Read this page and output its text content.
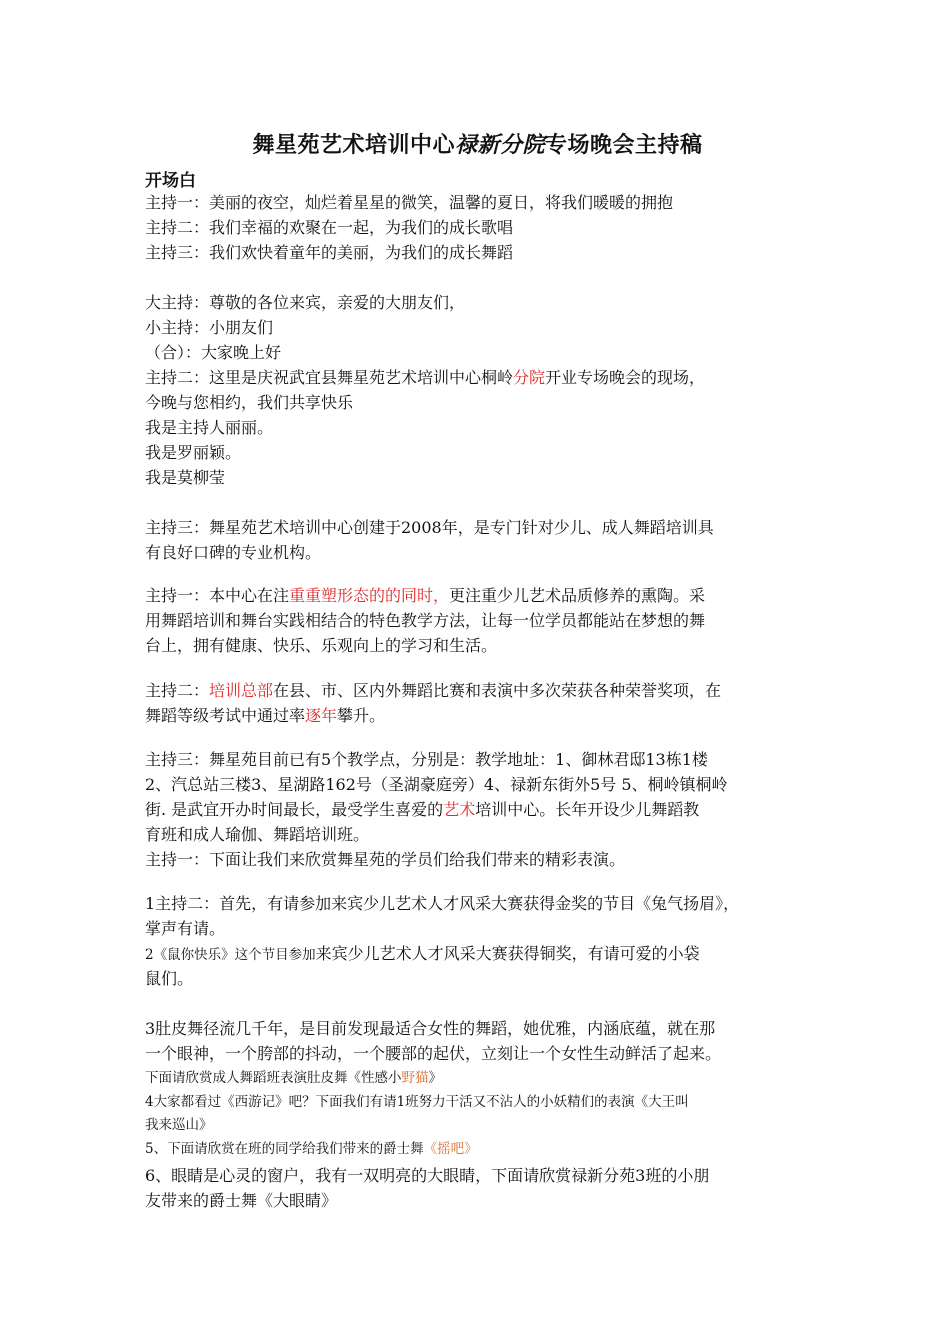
舞星苑艺术培训中心禄新分院专场晚会主持稿
开场白
主持一：美丽的夜空，灿烂着星星的微笑，温馨的夏日，将我们暖暖的拥抱
主持二：我们幸福的欢聚在一起，为我们的成长歌唱
主持三：我们欢快着童年的美丽，为我们的成长舞蹈
大主持：尊敬的各位来宾，亲爱的大朋友们，
小主持：小朋友们
（合）：大家晚上好
主持二：这里是庆祝武宜县舞星苑艺术培训中心桐岭分院开业专场晚会的现场，
今晚与您相约，我们共享快乐
我是主持人丽丽。
我是罗丽颖。
我是莫柳莹
主持三：舞星苑艺术培训中心创建于2008年，是专门针对少儿、成人舞蹈培训具
有良好口碑的专业机构。
主持一：本中心在注重重塑形态的的同时，更注重少儿艺术品质修养的熏陶。采
用舞蹈培训和舞台实践相结合的特色教学方法，让每一位学员都能站在梦想的舞
台上，拥有健康、快乐、乐观向上的学习和生活。
主持二：培训总部在县、市、区内外舞蹈比赛和表演中多次荣获各种荣誉奖项，在
舞蹈等级考试中通过率逐年攀升。
主持三：舞星苑目前已有5个教学点，分别是：教学地址：1、御林君邸13栋1楼
2、汽总站三楼3、星湖路162号（圣湖豪庭旁）4、禄新东街外5号 5、桐岭镇桐岭
街. 是武宜开办时间最长，最受学生喜爱的艺术培训中心。长年开设少儿舞蹈教
育班和成人瑜伽、舞蹈培训班。
主持一：下面让我们来欣赏舞星苑的学员们给我们带来的精彩表演。
1主持二：首先，有请参加来宾少儿艺术人才风采大赛获得金奖的节目《兔气扬眉》，
掌声有请。
2《鼠你快乐》这个节目参加来宾少儿艺术人才风采大赛获得铜奖，有请可爱的小袋
鼠们。
3肚皮舞径流几千年，是目前发现最适合女性的舞蹈，她优雅，内涵底蕴，就在那
一个眼神，一个胯部的抖动，一个腰部的起伏，立刻让一个女性生动鲜活了起来。
下面请欣赏成人舞蹈班表演肚皮舞《性感小野猫》
4大家都看过《西游记》吧？下面我们有请1班努力干活又不沾人的小妖精们的表演《大王叫
我来巡山》
5、下面请欣赏在班的同学给我们带来的爵士舞《摇吧》
6、眼睛是心灵的窗户，我有一双明亮的大眼睛，下面请欣赏禄新分苑3班的小朋
友带来的爵士舞《大眼睛》
